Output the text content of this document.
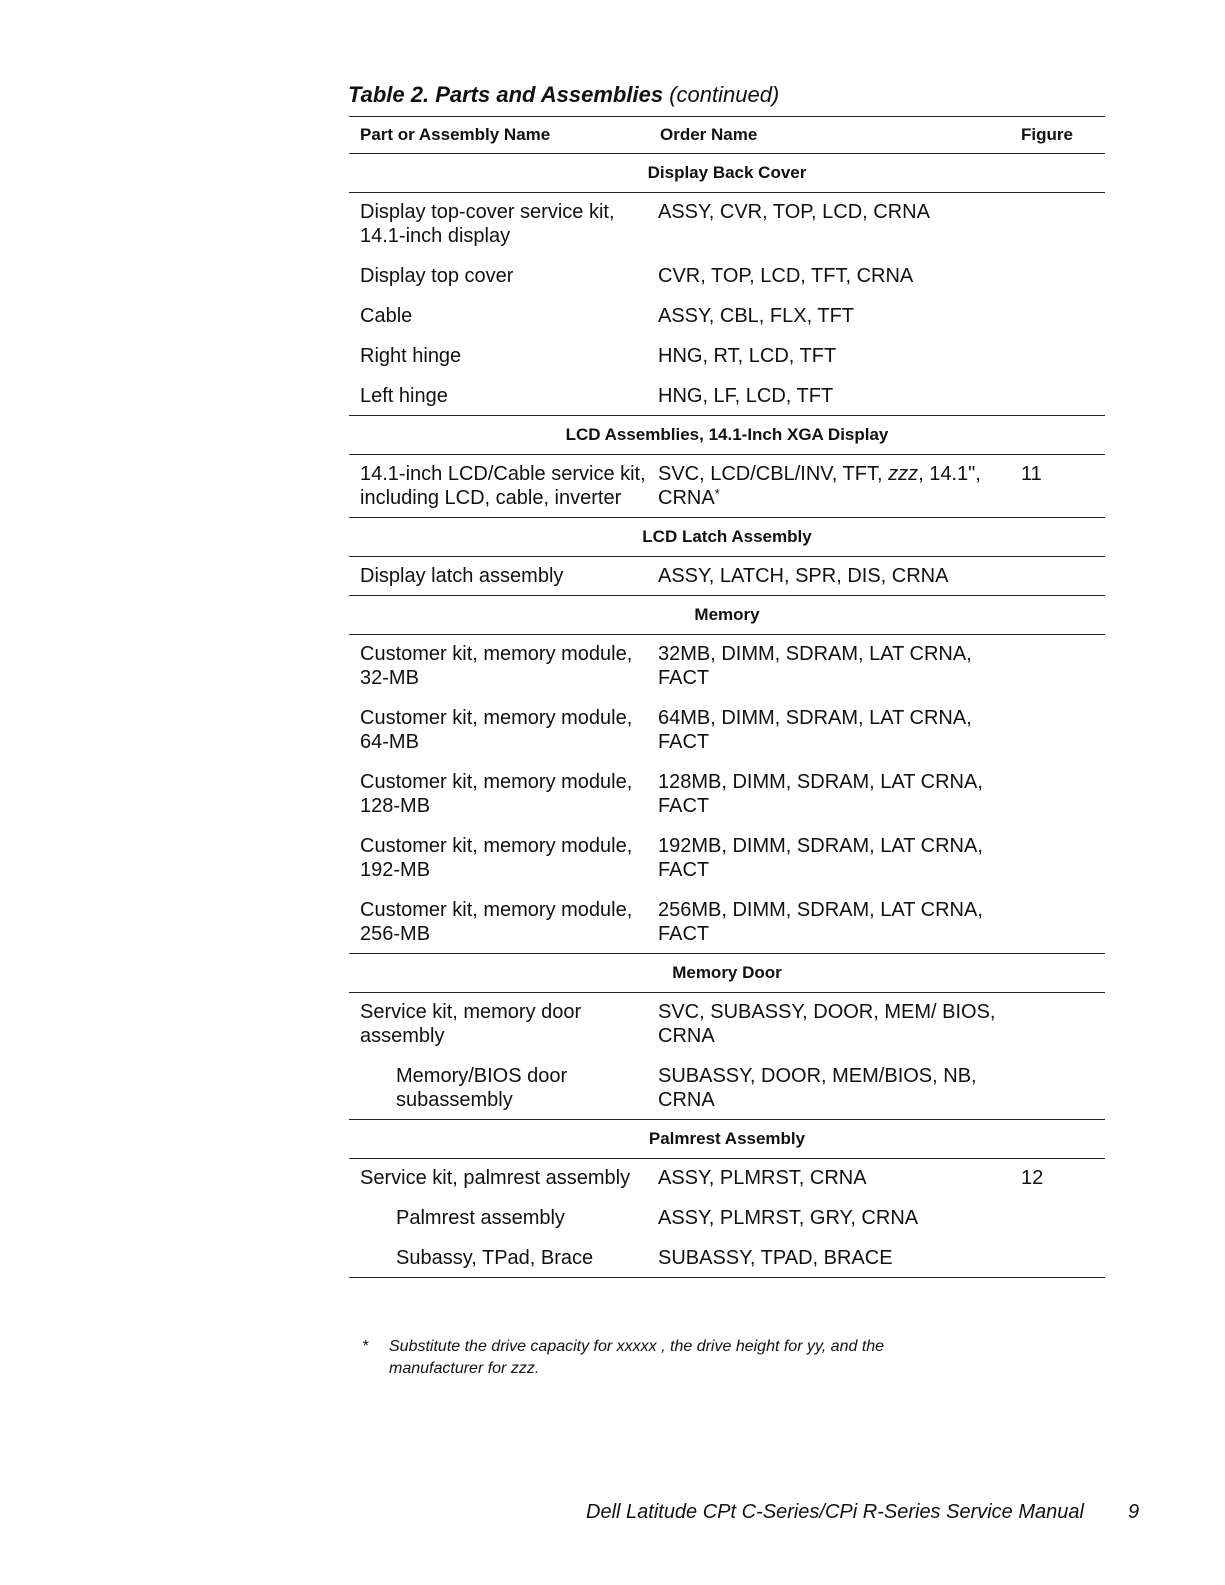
Table 2. Parts and Assemblies (continued)
Part or Assembly Name	Order Name	Figure
Display Back Cover		
Display top-cover service kit, 14.1-inch display	ASSY, CVR, TOP, LCD, CRNA	
Display top cover	CVR, TOP, LCD, TFT, CRNA	
Cable	ASSY, CBL, FLX, TFT	
Right hinge	HNG, RT, LCD, TFT	
Left hinge	HNG, LF, LCD, TFT	
LCD Assemblies, 14.1-Inch XGA Display		
14.1-inch LCD/Cable service kit, including LCD, cable, inverter	SVC, LCD/CBL/INV, TFT, zzz, 14.1", CRNA*	11
LCD Latch Assembly		
Display latch assembly	ASSY, LATCH, SPR, DIS, CRNA	
Memory		
Customer kit, memory module, 32-MB	32MB, DIMM, SDRAM, LAT CRNA, FACT	
Customer kit, memory module, 64-MB	64MB, DIMM, SDRAM, LAT CRNA, FACT	
Customer kit, memory module, 128-MB	128MB, DIMM, SDRAM, LAT CRNA, FACT	
Customer kit, memory module, 192-MB	192MB, DIMM, SDRAM, LAT CRNA, FACT	
Customer kit, memory module, 256-MB	256MB, DIMM, SDRAM, LAT CRNA, FACT	
Memory Door		
Service kit, memory door assembly	SVC, SUBASSY, DOOR, MEM/ BIOS, CRNA	
Memory/BIOS door subassembly	SUBASSY, DOOR, MEM/BIOS, NB, CRNA	
Palmrest Assembly		
Service kit, palmrest assembly	ASSY, PLMRST, CRNA	12
Palmrest assembly	ASSY, PLMRST, GRY, CRNA	
Subassy, TPad, Brace	SUBASSY, TPAD, BRACE	

*	Substitute the drive capacity for xxxxx , the drive height for yy, and the manufacturer for zzz.
Dell Latitude CPt C-Series/CPi R-Series Service Manual 9
